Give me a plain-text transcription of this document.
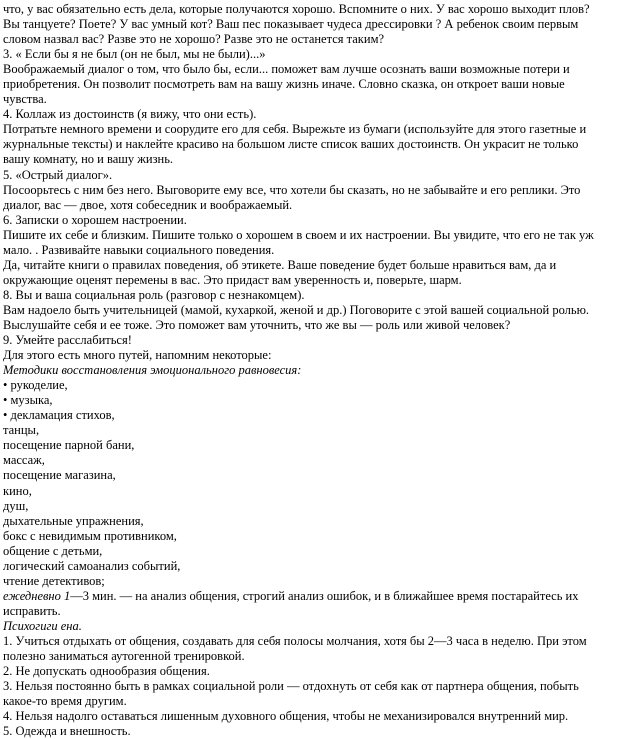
что, у вас обязательно есть дела, которые получаются хорошо. Вспомните о них. У вас хорошо выходит плов?
Вы танцуете? Поете? У вас умный кот? Ваш пес показывает чудеса дрессировки ? А ребенок своим первым
словом назвал вас? Разве это не хорошо? Разве это не останется таким?
3. « Если бы я не был (он не был, мы не были)...»
Воображаемый диалог о том, что было бы, если... поможет вам лучше осознать ваши возможные потери и
приобретения. Он позволит посмотреть вам на вашу жизнь иначе. Словно сказка, он откроет ваши новые
чувства.
4. Коллаж из достоинств (я вижу, что они есть).
Потратьте немного времени и соорудите его для себя. Вырежьте из бумаги (используйте для этого газетные и
журнальные тексты) и наклейте красиво на большом листе список ваших достоинств. Он украсит не только
вашу комнату, но и вашу жизнь.
5. «Острый диалог».
Посоорьтесь с ним без него. Выговорите ему все, что хотели бы сказать, но не забывайте и его реплики. Это
диалог, вас — двое, хотя собеседник и воображаемый.
6. Записки о хорошем настроении.
Пишите их себе и близким. Пишите только о хорошем в своем и их настроении. Вы увидите, что его не так уж
мало. . Развивайте навыки социального поведения.
Да, читайте книги о правилах поведения, об этикете. Ваше поведение будет больше нравиться вам, да и
окружающие оценят перемены в вас. Это придаст вам уверенность и, поверьте, шарм.
8. Вы и ваша социальная роль (разговор с незнакомцем).
Вам надоело быть учительницей (мамой, кухаркой, женой и др.) Поговорите с этой вашей социальной ролью.
Выслушайте себя и ее тоже. Это поможет вам уточнить, что же вы — роль или живой человек?
9. Умейте расслабиться!
Для этого есть много путей, напомним некоторые:
Методики восстановления эмоционального равновесия:
• рукоделие,
• музыка,
• декламация стихов,
танцы,
посещение парной бани,
массаж,
посещение магазина,
кино,
душ,
дыхательные упражнения,
бокс с невидимым противником,
общение с детьми,
логический самоанализ событий,
чтение детективов;
ежедневно 1—3 мин. — на анализ общения, строгий анализ ошибок, и в ближайшее время постарайтесь их исправить.
Психогиги ена.
1. Учиться отдыхать от общения, создавать для себя полосы молчания, хотя бы 2—3 часа в неделю. При этом
полезно заниматься аутогенной тренировкой.
2. Не допускать однообразия общения.
3. Нельзя постоянно быть в рамках социальной роли — отдохнуть от себя как от партнера общения, побыть
какое-то время другим.
4. Нельзя надолго оставаться лишенным духовного общения, чтобы не механизировался внутренний мир.
5. Одежда и внешность.
